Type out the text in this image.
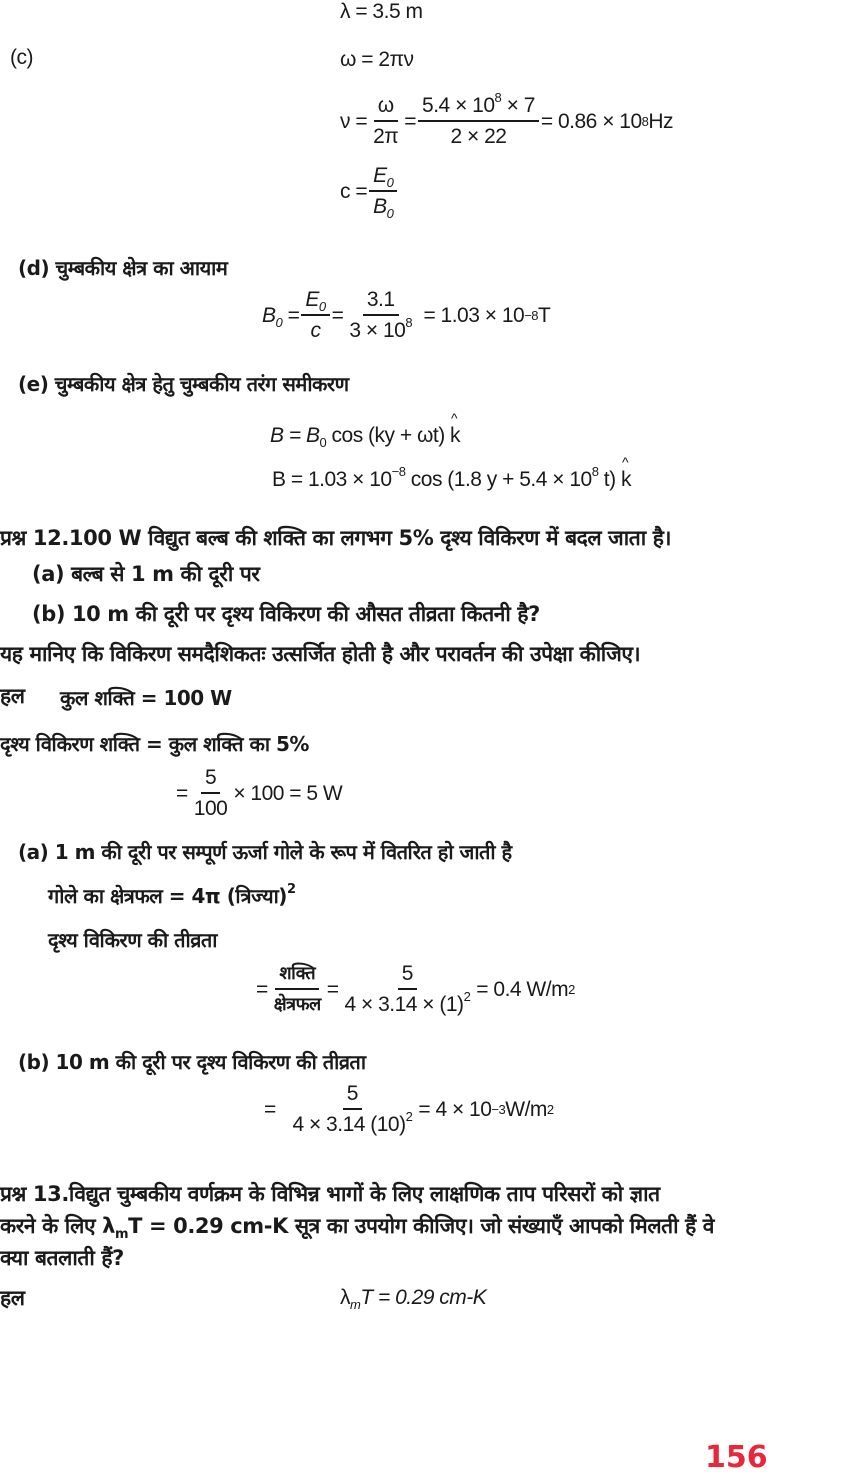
λ = 3.5 m
(c)	ω = 2πν
$\nu = \frac{\omega}{2\pi} = \frac{5.4 \times 10^8 \times 7}{2 \times 22} = 0.86 \times 10$ 8 Hz
$c = \frac{E_0}{B_0}$
(d) चुम्बकीय क्षेत्र का आयाम
$B_0 = \frac{E_0}{c} = \frac{3.1}{3 \times 10^8}$
= 1.03 × 10 −8 T
(e) चुम्बकीय क्षेत्र हेतु चुम्बकीय तरंग समीकरण
$B = B_0$ cos (ky + ωt) ^ k
$B = 1.03 \times 10^{-8}$ cos (1.8 $y + 5.4 \times 10^8$ t) ^ k
प्रश्न 12.100 W विद्युत बल्ब की शक्ति का लगभग 5% दृश्य विकिरण में बदल जाता है।
(a) बल्ब से 1 m की दूरी पर
(b) 10 m की दूरी पर दृश्य विकिरण की औसत तीव्रता कितनी है?
यह मानिए कि विकिरण समदैशिकतः उत्सर्जित होती है और परावर्तन की उपेक्षा कीजिए।
हल कुल शक्ति = 100 W
दृश्य विकिरण शक्ति = कुल शक्ति का 5%
= $\frac{5}{100} \times 100 = 5$ W
(a) 1 m की दूरी पर सम्पूर्ण ऊर्जा गोले के रूप में वितरित हो जाती है
गोले का क्षेत्रफल = 4π (त्रिज्या)$^2$
दृश्य विकिरण की तीव्रता
= $\frac{\text{शक्ति}}{\text{क्षेत्रफल}} = \frac{5}{4 \times 3.14 \times (1)^2} = 0.4$ W/m 2
(b) 10 m की दूरी पर दृश्य विकिरण की तीव्रता
= $\frac{5}{4 \times 3.14 (10)^2} = 4 \times 10 -3$ W/m 2
प्रश्न 13.विद्युत चुम्बकीय वर्णक्रम के विभिन्न भागों के लिए लाक्षणिक ताप परिसरों को ज्ञात
करने के लिए $\lambda_mT = 0.29$ cm-K सूत्र का उपयोग कीजिए। जो संख्याएँ आपको मिलती हैं वे
क्या बतलाती हैं?
हल	$\lambda_mT = 0.29$ cm-K
156
